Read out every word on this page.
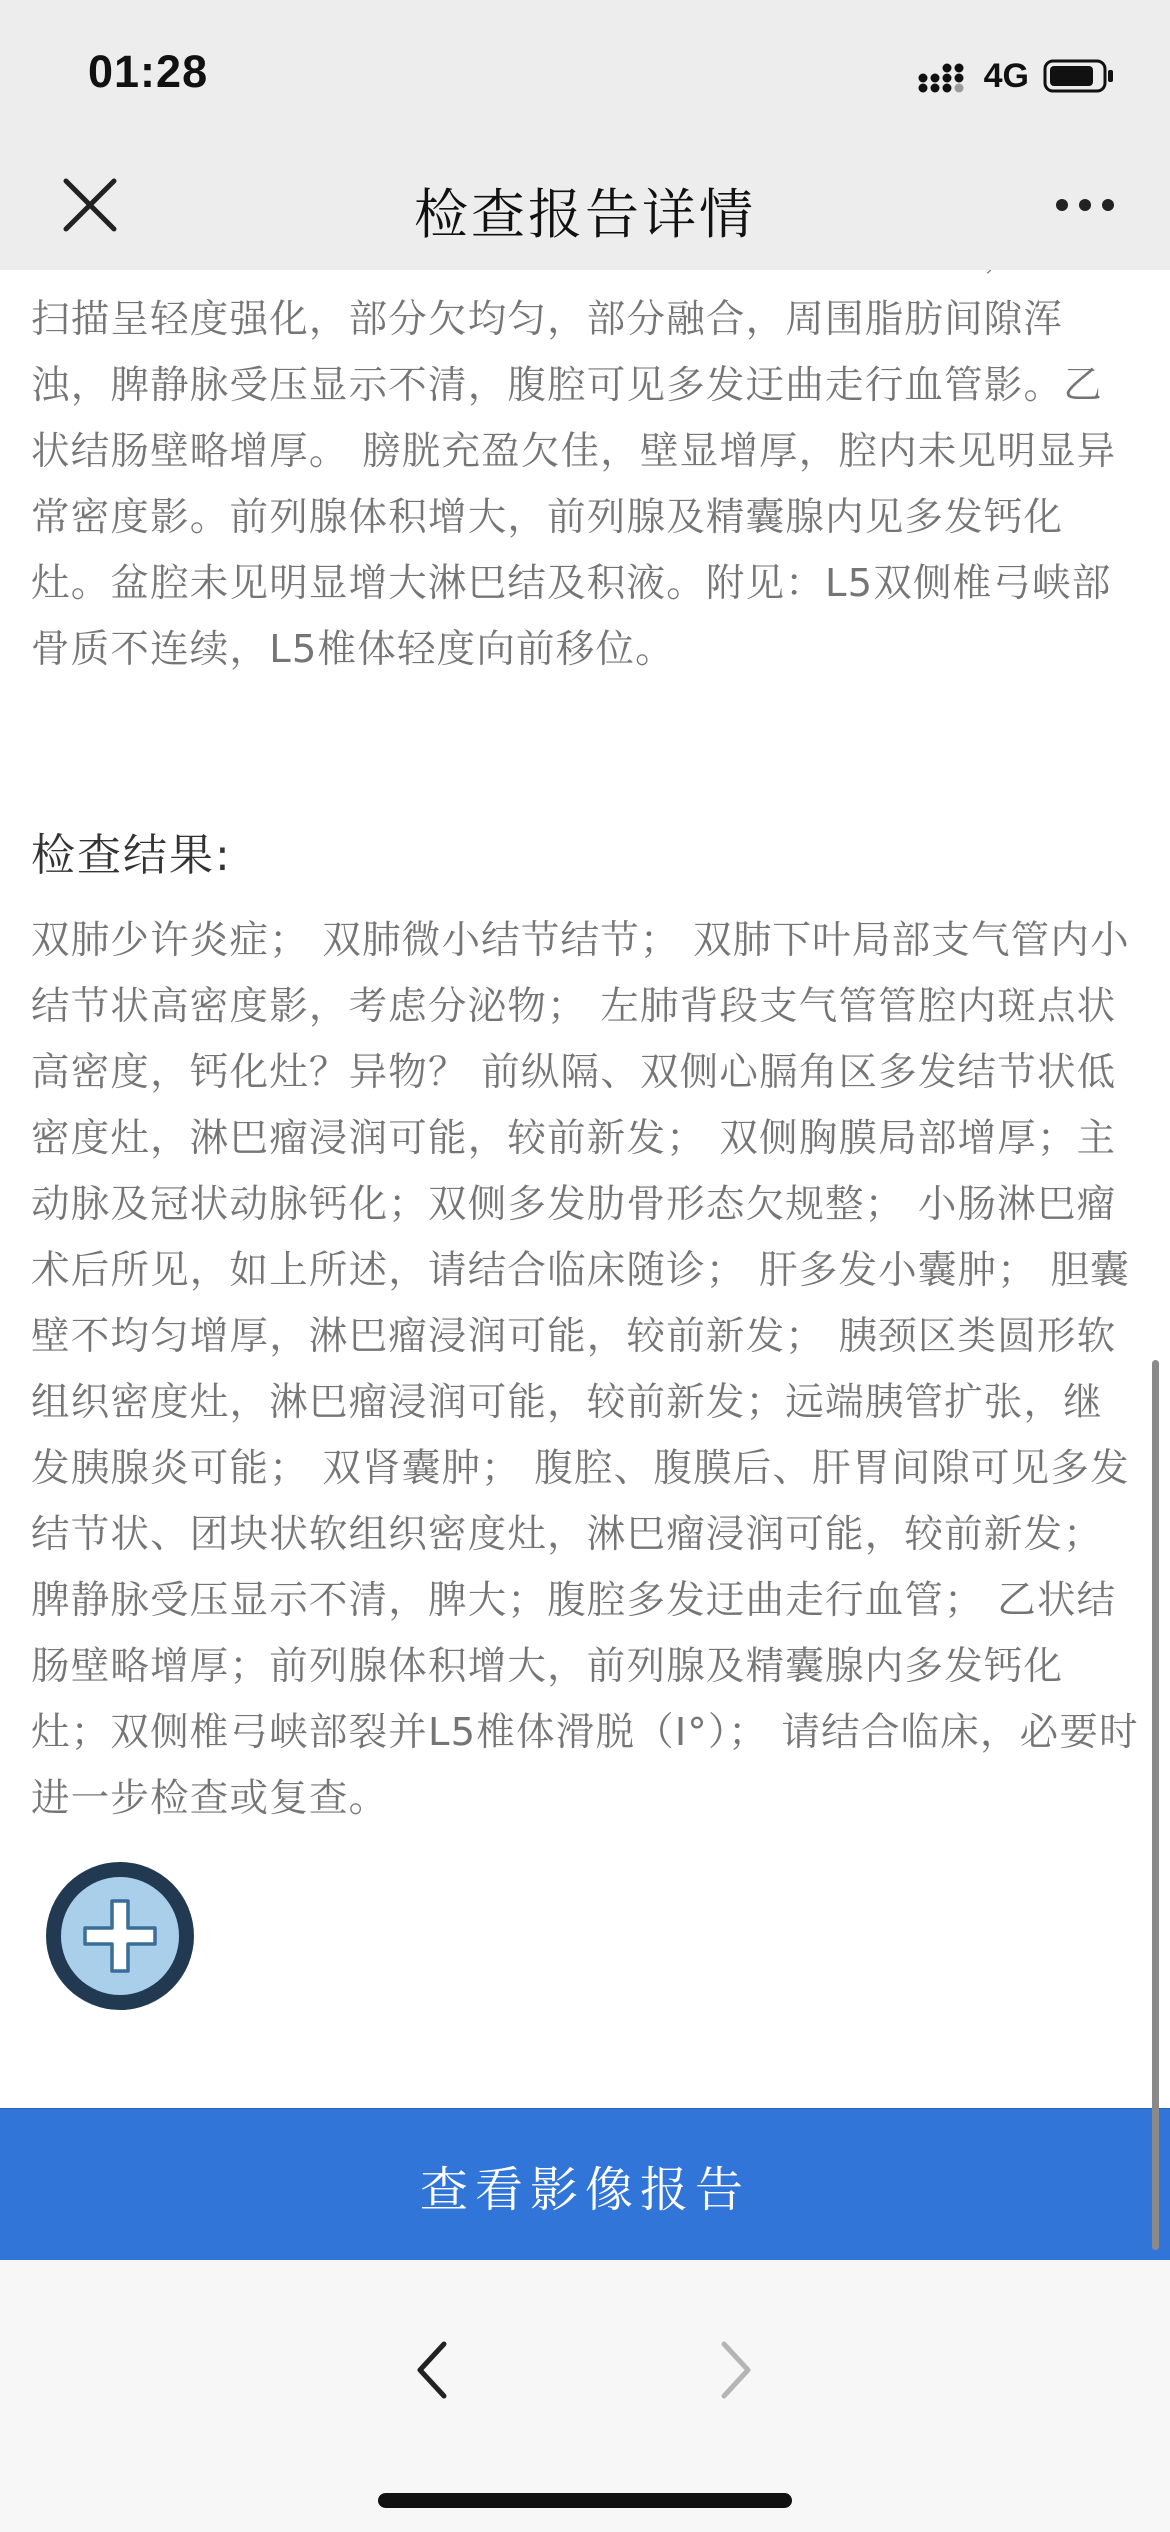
扫描呈轻度强化，部分欠均匀，部分融合，周围脂肪间隙浑浊，脾静脉受压显示不清，腹腔可见多发迂曲走行血管影。乙状结肠壁略增厚。 膀胱充盈欠佳，壁显增厚，腔内未见明显异常密度影。前列腺体积增大，前列腺及精囊腺内见多发钙化灶。盆腔未见明显增大淋巴结及积液。附见：L5双侧椎弓峡部骨质不连续，L5椎体轻度向前移位。

检查结果:

双肺少许炎症； 双肺微小结节结节； 双肺下叶局部支气管内小结节状高密度影，考虑分泌物； 左肺背段支气管管腔内斑点状高密度，钙化灶？异物？ 前纵隔、双侧心膈角区多发结节状低密度灶，淋巴瘤浸润可能，较前新发； 双侧胸膜局部增厚；主动脉及冠状动脉钙化；双侧多发肋骨形态欠规整； 小肠淋巴瘤术后所见，如上所述，请结合临床随诊； 肝多发小囊肿； 胆囊壁不均匀增厚，淋巴瘤浸润可能，较前新发； 胰颈区类圆形软组织密度灶，淋巴瘤浸润可能，较前新发；远端胰管扩张，继发胰腺炎可能； 双肾囊肿； 腹腔、腹膜后、肝胃间隙可见多发结节状、团块状软组织密度灶，淋巴瘤浸润可能，较前新发；脾静脉受压显示不清，脾大；腹腔多发迂曲走行血管； 乙状结肠壁略增厚；前列腺体积增大，前列腺及精囊腺内多发钙化灶；双侧椎弓峡部裂并L5椎体滑脱（I°）； 请结合临床，必要时进一步检查或复查。

01:28	4G
检查报告详情
查看影像报告
